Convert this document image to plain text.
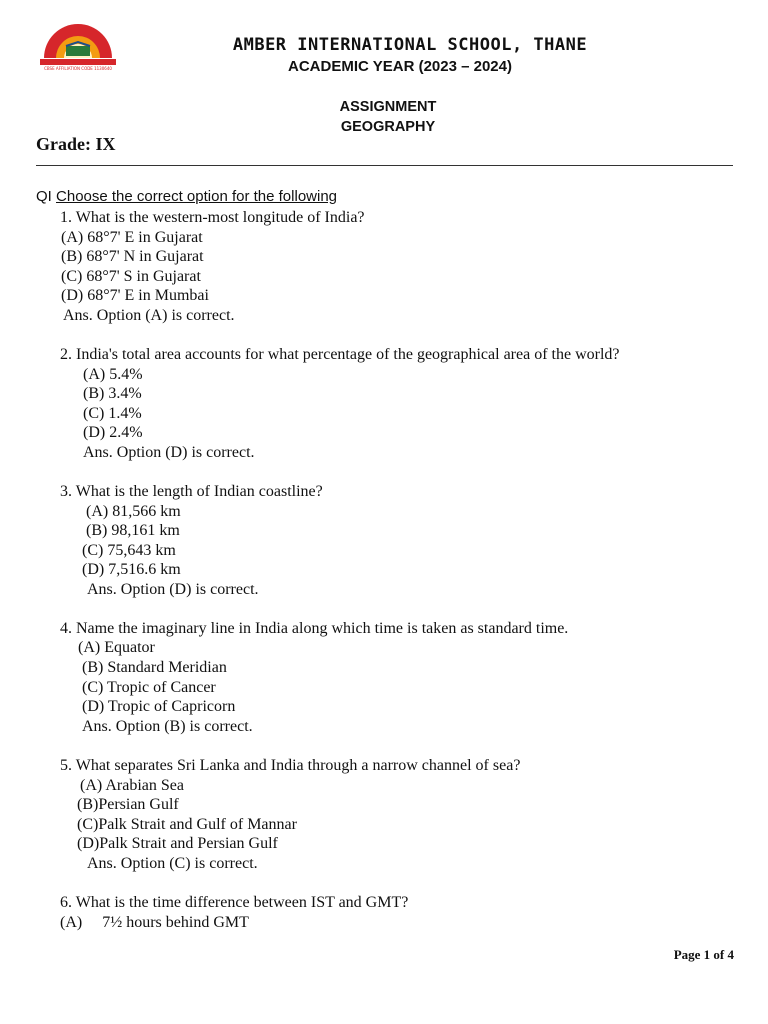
CBSE AFFILIATION CODE 1130640
AMBER INTERNATIONAL SCHOOL, THANE
ACADEMIC YEAR (2023 – 2024)
ASSIGNMENT
GEOGRAPHY
Grade: IX
QI Choose the correct option for the following
1. What is the western-most longitude of India?
(A) 68°7' E in Gujarat
(B) 68°7' N in Gujarat
(C) 68°7' S in Gujarat
(D) 68°7' E in Mumbai
Ans. Option (A) is correct.
2. India's total area accounts for what percentage of the geographical area of the world?
(A) 5.4%
(B) 3.4%
(C) 1.4%
(D) 2.4%
Ans. Option (D) is correct.
3. What is the length of Indian coastline?
(A) 81,566 km
(B) 98,161 km
(C) 75,643 km
(D) 7,516.6 km
Ans. Option (D) is correct.
4. Name the imaginary line in India along which time is taken as standard time.
(A) Equator
(B) Standard Meridian
(C) Tropic of Cancer
(D) Tropic of Capricorn
Ans. Option (B) is correct.
5. What separates Sri Lanka and India through a narrow channel of sea?
(A) Arabian Sea
(B)Persian Gulf
(C)Palk Strait and Gulf of Mannar
(D)Palk Strait and Persian Gulf
Ans. Option (C) is correct.
6. What is the time difference between IST and GMT?
(A)     7½ hours behind GMT
Page 1 of 4
